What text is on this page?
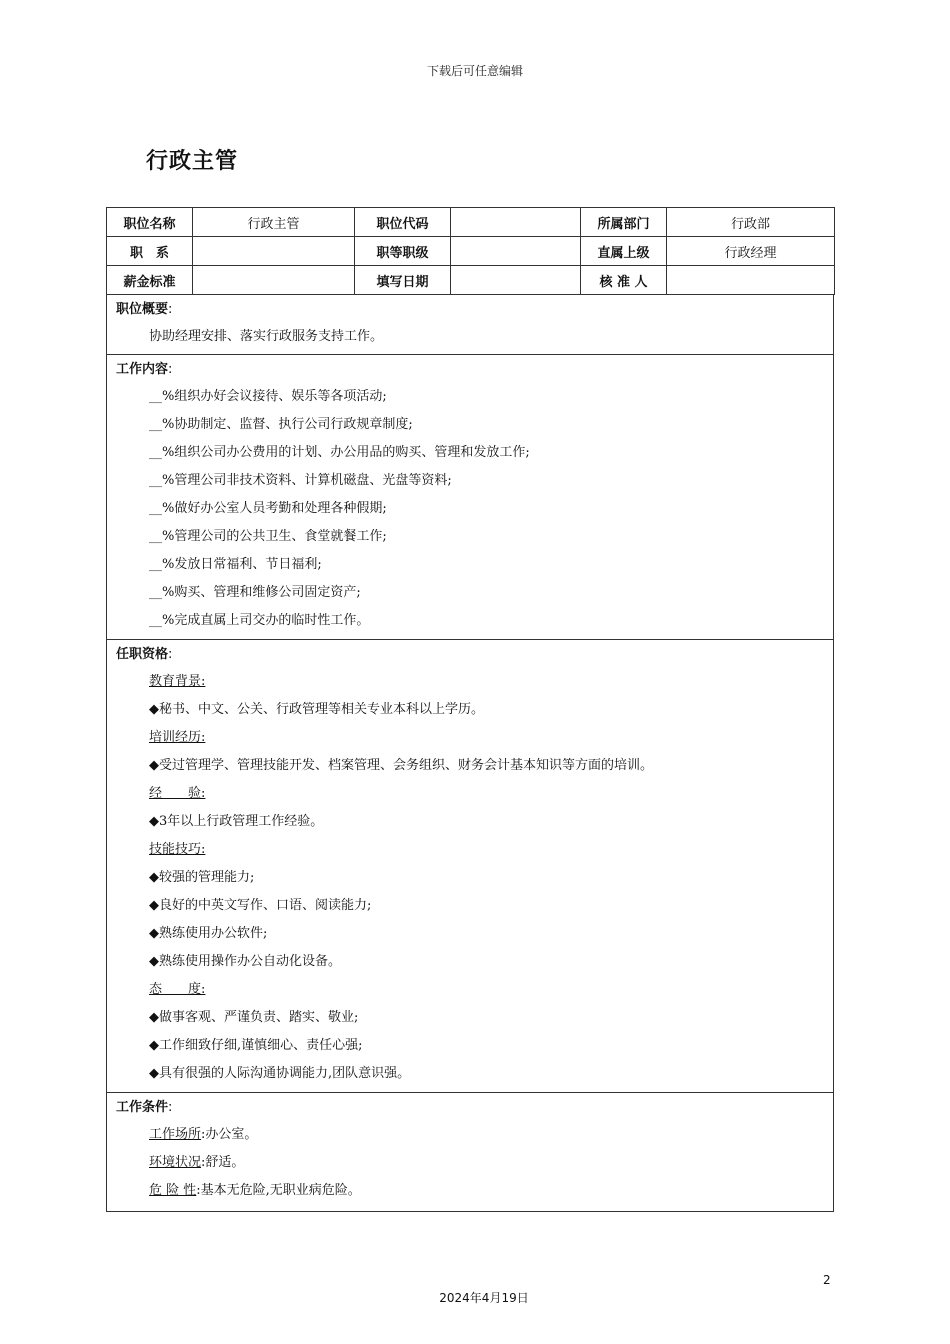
下载后可任意编辑
行政主管
职位名称	行政主管	职位代码		所属部门	行政部
职　系		职等职级		直属上级	行政经理
薪金标准		填写日期		核 准 人	
职位概要:
协助经理安排、落实行政服务支持工作。
工作内容:
__%组织办好会议接待、娱乐等各项活动;
__%协助制定、监督、执行公司行政规章制度;
__%组织公司办公费用的计划、办公用品的购买、管理和发放工作;
__%管理公司非技术资料、计算机磁盘、光盘等资料;
__%做好办公室人员考勤和处理各种假期;
__%管理公司的公共卫生、食堂就餐工作;
__%发放日常福利、节日福利;
__%购买、管理和维修公司固定资产;
__%完成直属上司交办的临时性工作。
任职资格:
教育背景:
◆秘书、中文、公关、行政管理等相关专业本科以上学历。
培训经历:
◆受过管理学、管理技能开发、档案管理、会务组织、财务会计基本知识等方面的培训。
经　　验:
◆3年以上行政管理工作经验。
技能技巧:
◆较强的管理能力;
◆良好的中英文写作、口语、阅读能力;
◆熟练使用办公软件;
◆熟练使用操作办公自动化设备。
态　　度:
◆做事客观、严谨负责、踏实、敬业;
◆工作细致仔细,谨慎细心、责任心强;
◆具有很强的人际沟通协调能力,团队意识强。
工作条件:
工作场所:办公室。
环境状况:舒适。
危 险 性:基本无危险,无职业病危险。
2
2024年4月19日
